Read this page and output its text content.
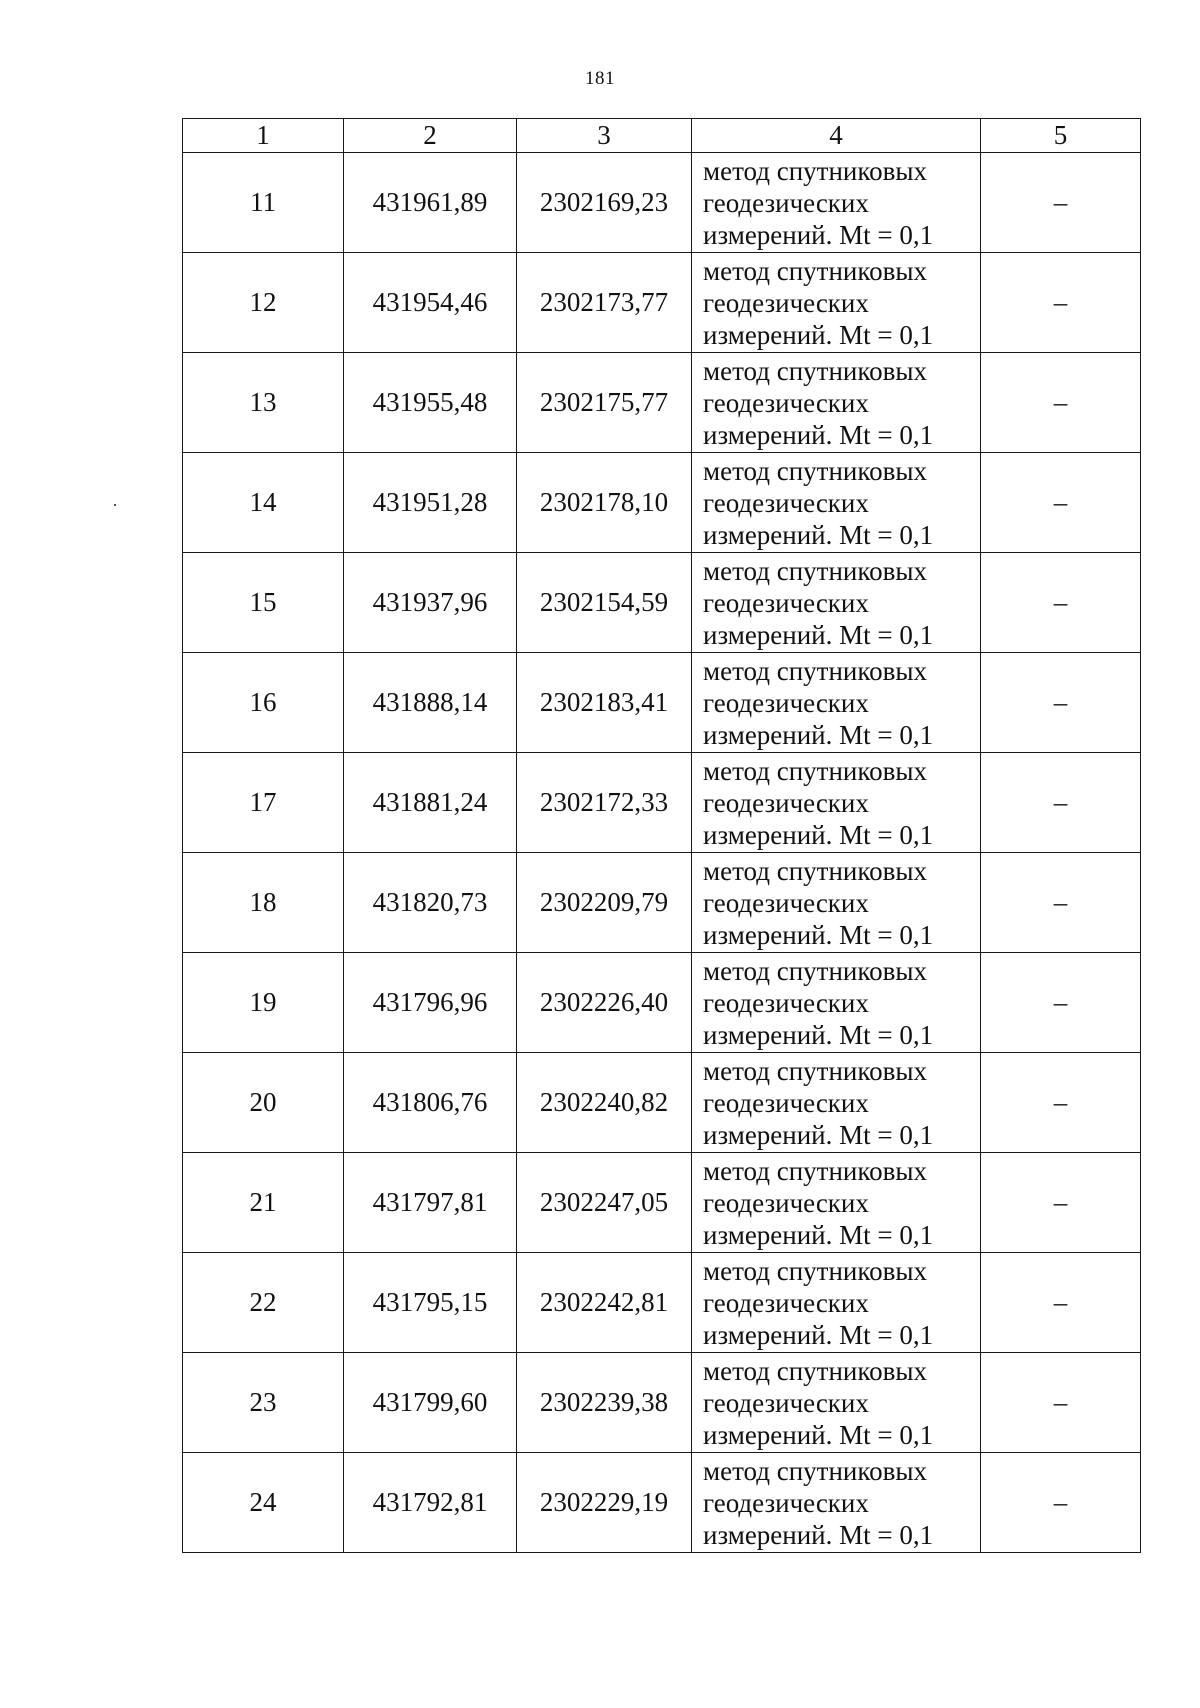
181
1	2	3	4	5
11	431961,89	2302169,23	метод спутниковых
геодезических
измерений. Mt = 0,1	–
12	431954,46	2302173,77	метод спутниковых
геодезических
измерений. Mt = 0,1	–
13	431955,48	2302175,77	метод спутниковых
геодезических
измерений. Mt = 0,1	–
14	431951,28	2302178,10	метод спутниковых
геодезических
измерений. Mt = 0,1	–
15	431937,96	2302154,59	метод спутниковых
геодезических
измерений. Mt = 0,1	–
16	431888,14	2302183,41	метод спутниковых
геодезических
измерений. Mt = 0,1	–
17	431881,24	2302172,33	метод спутниковых
геодезических
измерений. Mt = 0,1	–
18	431820,73	2302209,79	метод спутниковых
геодезических
измерений. Mt = 0,1	–
19	431796,96	2302226,40	метод спутниковых
геодезических
измерений. Mt = 0,1	–
20	431806,76	2302240,82	метод спутниковых
геодезических
измерений. Mt = 0,1	–
21	431797,81	2302247,05	метод спутниковых
геодезических
измерений. Mt = 0,1	–
22	431795,15	2302242,81	метод спутниковых
геодезических
измерений. Mt = 0,1	–
23	431799,60	2302239,38	метод спутниковых
геодезических
измерений. Mt = 0,1	–
24	431792,81	2302229,19	метод спутниковых
геодезических
измерений. Mt = 0,1	–
